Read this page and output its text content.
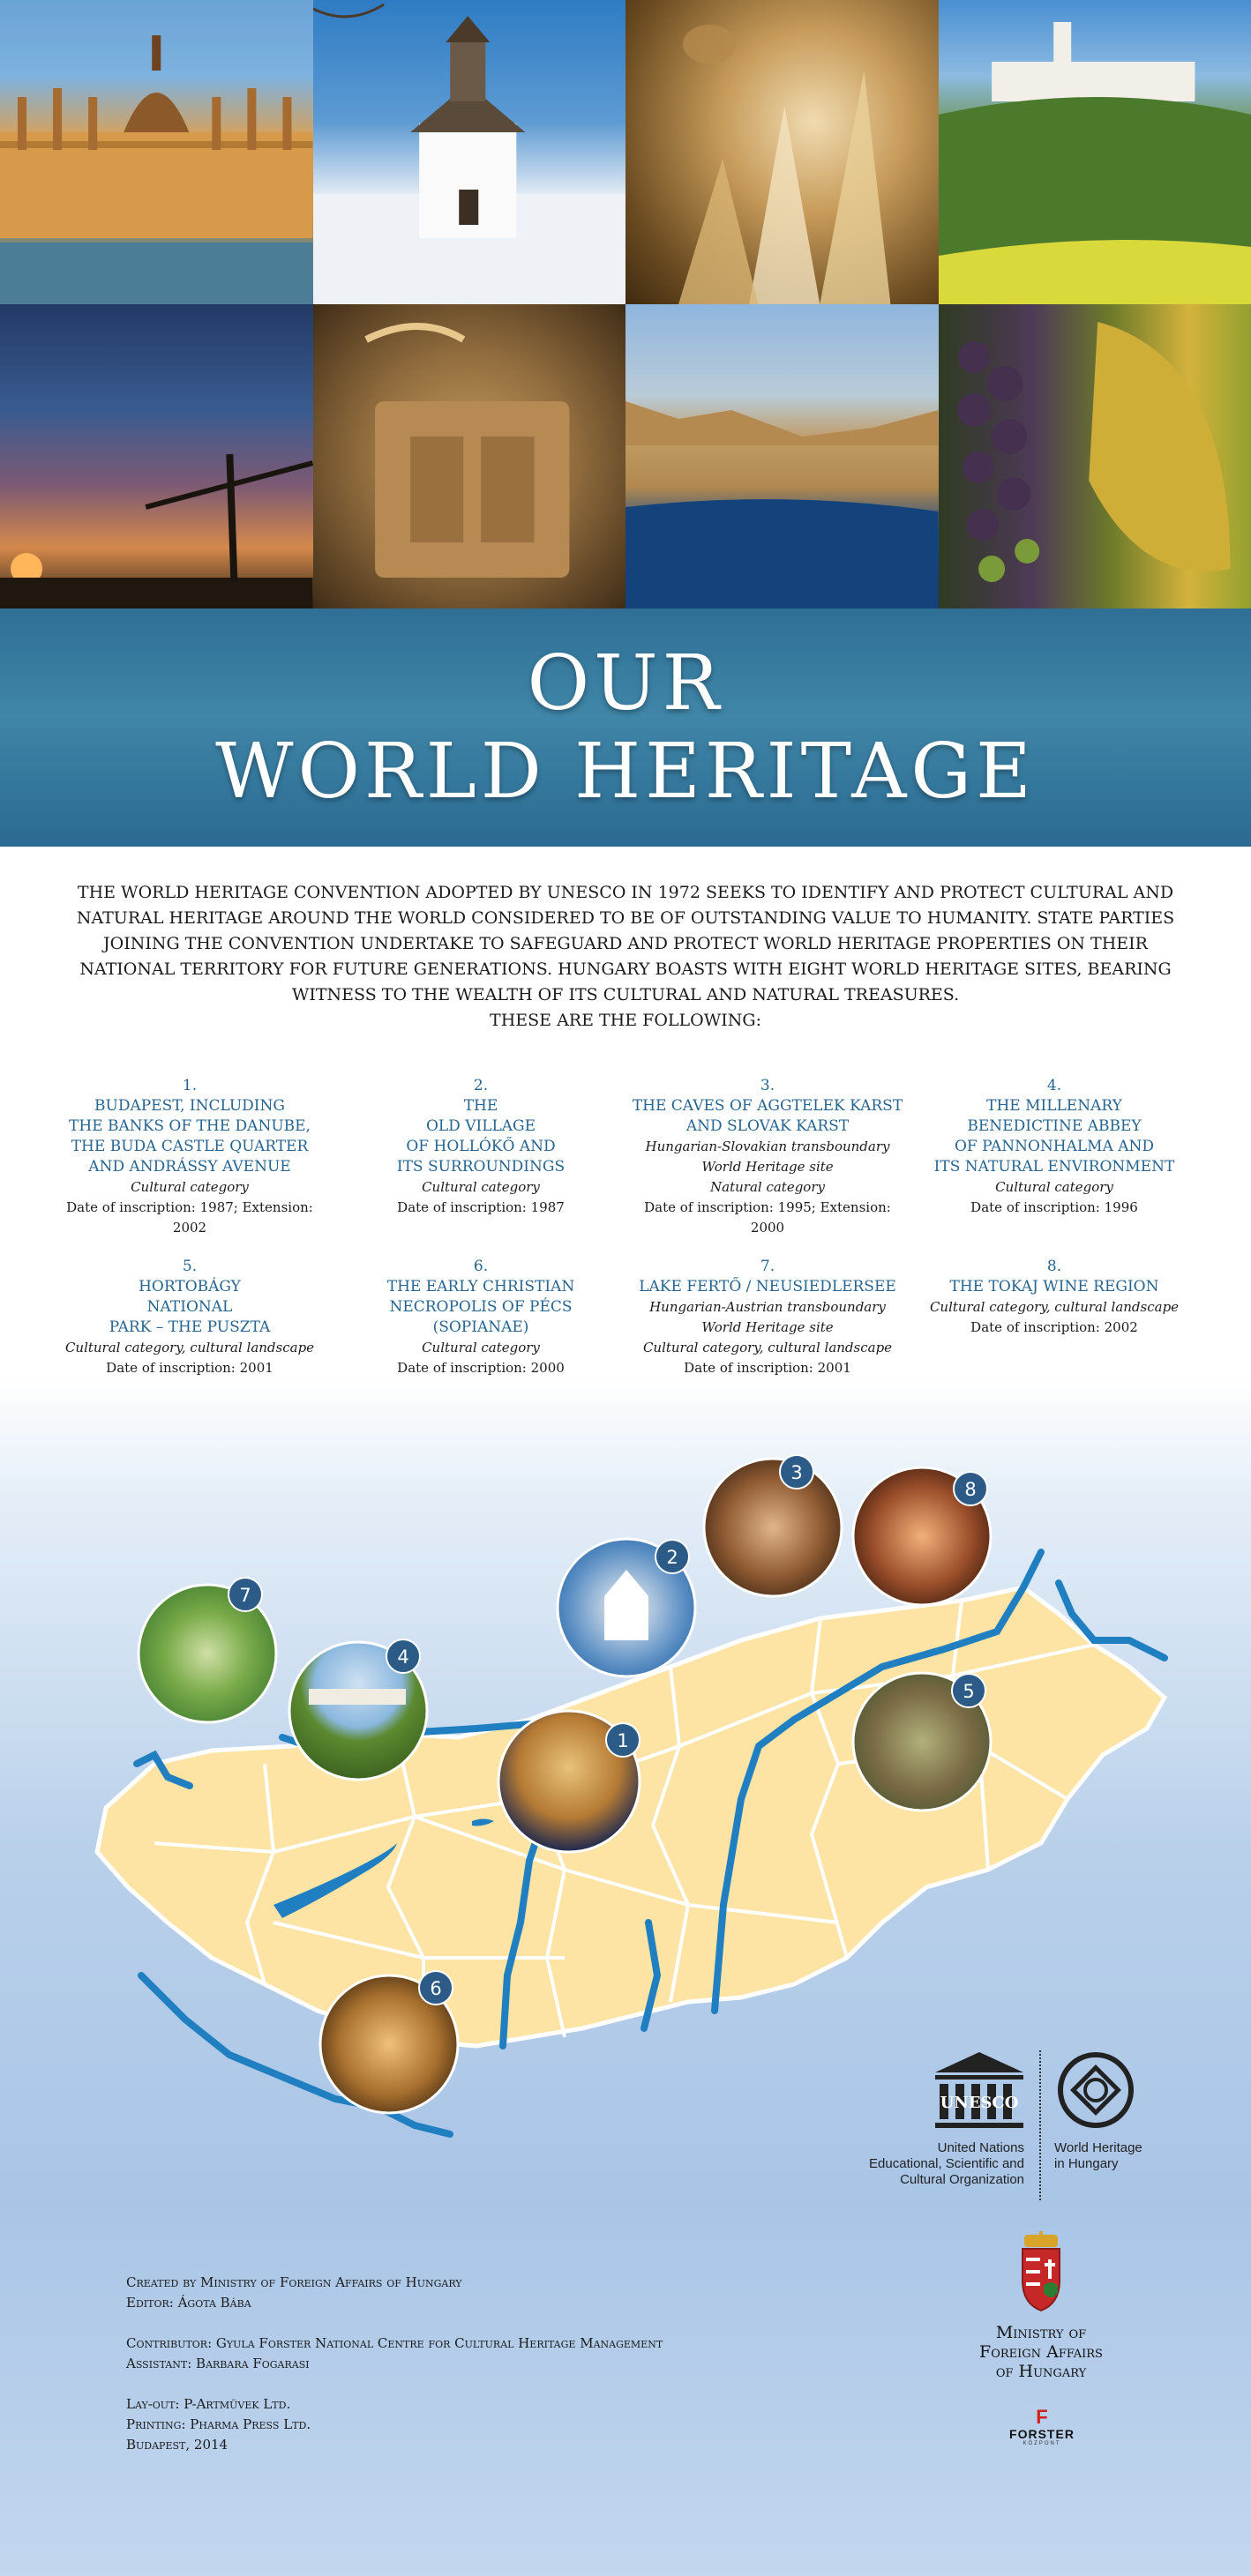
OUR
WORLD HERITAGE
THE WORLD HERITAGE CONVENTION ADOPTED BY UNESCO IN 1972 SEEKS TO IDENTIFY AND PROTECT CULTURAL AND NATURAL HERITAGE AROUND THE WORLD CONSIDERED TO BE OF OUTSTANDING VALUE TO HUMANITY. STATE PARTIES JOINING THE CONVENTION UNDERTAKE TO SAFEGUARD AND PROTECT WORLD HERITAGE PROPERTIES ON THEIR NATIONAL TERRITORY FOR FUTURE GENERATIONS. HUNGARY BOASTS WITH EIGHT WORLD HERITAGE SITES, BEARING WITNESS TO THE WEALTH OF ITS CULTURAL AND NATURAL TREASURES.
THESE ARE THE FOLLOWING:
1.
BUDAPEST, INCLUDING
THE BANKS OF THE DANUBE,
THE BUDA CASTLE QUARTER
AND ANDRÁSSY AVENUE
Cultural category
Date of inscription: 1987; Extension: 2002
2.
THE
OLD VILLAGE
OF HOLLÓKŐ AND
ITS SURROUNDINGS
Cultural category
Date of inscription: 1987
3.
THE CAVES OF AGGTELEK KARST
AND SLOVAK KARST
Hungarian-Slovakian transboundary
World Heritage site
Natural category
Date of inscription: 1995; Extension: 2000
4.
THE MILLENARY
BENEDICTINE ABBEY
OF PANNONHALMA AND
ITS NATURAL ENVIRONMENT
Cultural category
Date of inscription: 1996
5.
HORTOBÁGY
NATIONAL
PARK – THE PUSZTA
Cultural category, cultural landscape
Date of inscription: 2001
6.
THE EARLY CHRISTIAN
NECROPOLIS OF PÉCS
(SOPIANAE)
Cultural category
Date of inscription: 2000
7.
LAKE FERTŐ / NEUSIEDLERSEE
Hungarian-Austrian transboundary
World Heritage site
Cultural category, cultural landscape
Date of inscription: 2001
8.
THE TOKAJ WINE REGION
Cultural category, cultural landscape
Date of inscription: 2002
1
2
3
4
5
6
7
8
UNESCO
United Nations
Educational, Scientific and
Cultural Organization
World Heritage
in Hungary
Created by Ministry of Foreign Affairs of Hungary
Editor: Ágota Bába
Contributor: Gyula Forster National Centre for Cultural Heritage Management
Assistant: Barbara Fogarasi
Lay-out: P-Artmüvek Ltd.
Printing: Pharma Press Ltd.
Budapest, 2014
Ministry of
Foreign Affairs
of Hungary
F
FORSTER
KÖZPONT
